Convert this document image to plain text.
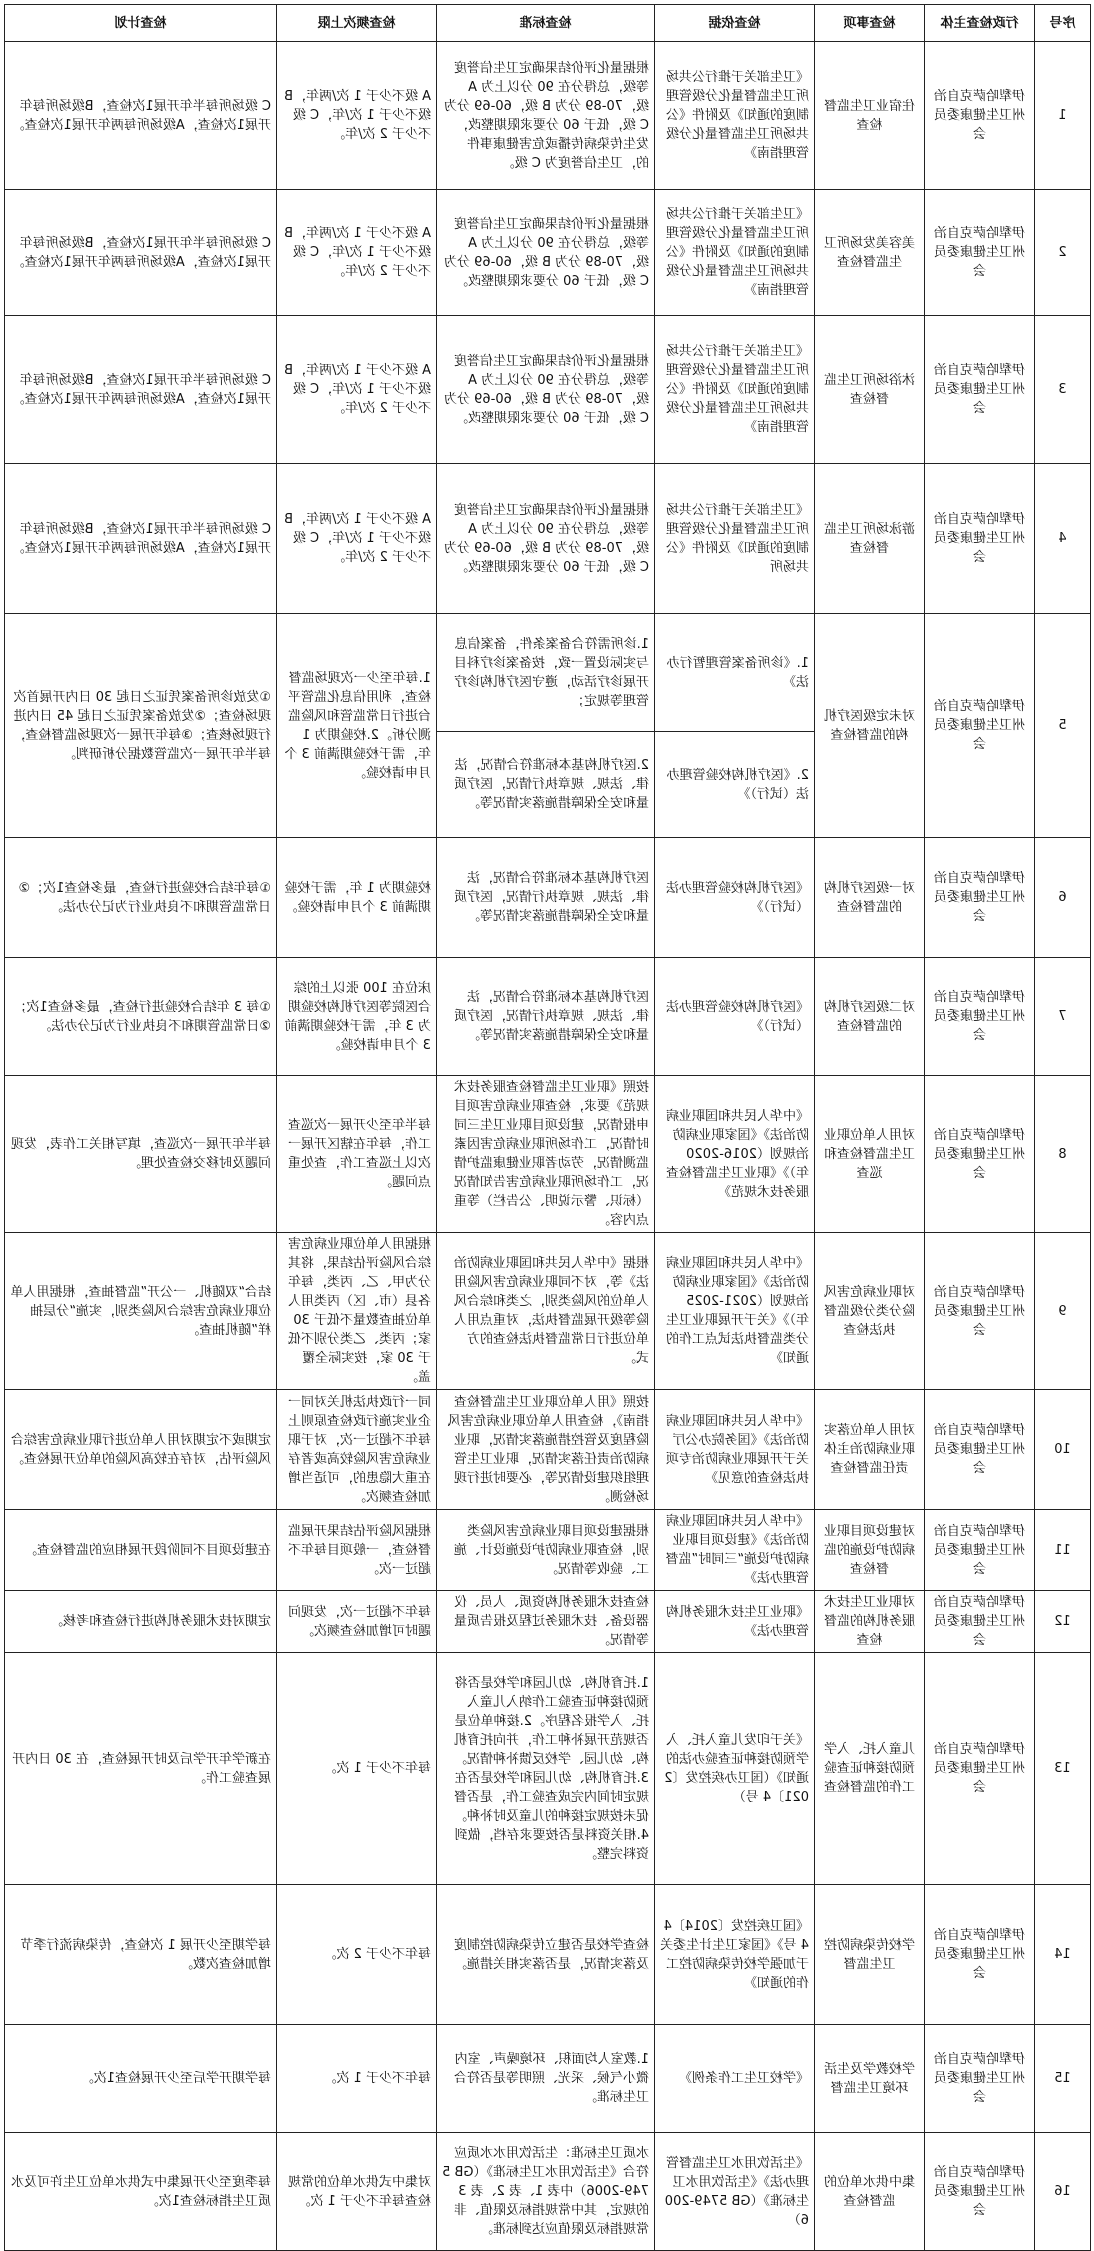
序号	行政检查主体	检查事项	检查依据	检查标准	检查频次上限	检查计划
1	伊犁哈萨克自治州卫生健康委员会	住宿业卫生监督检查	《卫生部关于推行公共场所卫生监督量化分级管理制度的通知》及附件《公共场所卫生监督量化分级管理指南》	根据量化评价结果确定卫生信誉度等级，总得分在 90 分以上为 A 级，70-89 分为 B 级，60-69 分为 C 级，低于 60 分要求限期整改，发生传染病传播或危害健康事件的，卫生信誉度为 C 级。	A 级不少于 1 次/两年，B 级不少于 1 次/年，C 级不少于 2 次/年。	C 级场所每半年开展1次检查，B级场所每年开展1次检查，A级场所每两年开展1次检查。
2	伊犁哈萨克自治州卫生健康委员会	美容美发场所卫生监督检查	《卫生部关于推行公共场所卫生监督量化分级管理制度的通知》及附件《公共场所卫生监督量化分级管理指南》	根据量化评价结果确定卫生信誉度等级，总得分在 90 分以上为 A 级，70-89 分为 B 级，60-69 分为 C 级，低于 60 分要求限期整改。	A 级不少于 1 次/两年，B 级不少于 1 次/年，C 级不少于 2 次/年。	C 级场所每半年开展1次检查，B级场所每年开展1次检查，A级场所每两年开展1次检查。
3	伊犁哈萨克自治州卫生健康委员会	沐浴场所卫生监督检查	《卫生部关于推行公共场所卫生监督量化分级管理制度的通知》及附件《公共场所卫生监督量化分级管理指南》	根据量化评价结果确定卫生信誉度等级，总得分在 90 分以上为 A 级，70-89 分为 B 级，60-69 分为 C 级，低于 60 分要求限期整改。	A 级不少于 1 次/两年，B 级不少于 1 次/年，C 级不少于 2 次/年。	C 级场所每半年开展1次检查，B级场所每年开展1次检查，A级场所每两年开展1次检查。
4	伊犁哈萨克自治州卫生健康委员会	游泳场所卫生监督检查	《卫生部关于推行公共场所卫生监督量化分级管理制度的通知》及附件《公共场所	根据量化评价结果确定卫生信誉度等级，总得分在 90 分以上为 A 级，70-89 分为 B 级，60-69 分为 C 级，低于 60 分要求限期整改。	A 级不少于 1 次/两年，B 级不少于 1 次/年，C 级不少于 2 次/年。	C 级场所每半年开展1次检查，B级场所每年开展1次检查，A级场所每两年开展1次检查。
5	伊犁哈萨克自治州卫生健康委员会	对未定级医疗机构的监督检查	1.《诊所备案管理暂行办法》	1.诊所需符合备案条件，备案信息与实际设置一致，按备案诊疗科目开展诊疗活动，遵守医疗机构诊疗管理等规定；	1.每年至少一次现场监督检查，利用信息化监管平台进行日常监管和风险监测分析。2.校验期为 1 年，需于校验期满前 3 个月申请校验。	①发放诊所备案凭证之日起 30 日内开展首次现场检查；②发放备案凭证之日起 45 日内进行现场核查；③每年开展一次现场监督检查，每半年开展一次监管数据分析研判。
			2.《医疗机构校验管理办法（试行）》	2.医疗机构基本标准符合情况，法律、法规、规章执行情况，医疗质量和安全保障措施落实情况等。		
6	伊犁哈萨克自治州卫生健康委员会	对一级医疗机构的监督检查	《医疗机构校验管理办法（试行）》	医疗机构基本标准符合情况，法律、法规、规章执行情况，医疗质量和安全保障措施落实情况等。	校验期为 1 年，需于校验期满前 3 个月申请校验。	①每年结合校验进行检查，最多检查1次；②日常监管期和不良执业行为记分办法。
7	伊犁哈萨克自治州卫生健康委员会	对二级医疗机构的监督检查	《医疗机构校验管理办法（试行）》	医疗机构基本标准符合情况，法律、法规、规章执行情况，医疗质量和安全保障措施落实情况等。	床位在 100 张以上的综合医院等医疗机构校验期为 3 年，需于校验期满前 3 个月申请校验。	①每 3 年结合校验进行检查，最多检查1次；②日常监管期和不良执业行为记分办法。
8	伊犁哈萨克自治州卫生健康委员会	对用人单位职业卫生监督检查和巡查	《中华人民共和国职业病防治法》《国家职业病防治规划（2016-2020 年）》《职业卫生监督检查服务技术规范》	按照《职业卫生监督检查服务技术规范》要求，检查职业病危害项目申报情况，建设项目职业卫生三同时情况，工作场所职业病危害因素监测情况，劳动者职业健康监护情况，工作场所职业病危害告知情况（标识、警示说明、公告栏）等重点内容。	每半年至少开展一次巡查工作，每年在辖区开展一次以上巡查工作，查处重点问题。	每半年开展一次巡查，填写相关工作表，发现问题及时移交检查处理。
9	伊犁哈萨克自治州卫生健康委员会	对职业病危害风险分类分级监督执法检查	《中华人民共和国职业病防治法》《国家职业病防治规划（2021-2025 年）》《关于开展职业卫生分类监督执法试点工作的通知》	根据《中华人民共和国职业病防治法》等，对不同职业病危害风险用人单位的风险类别，之类和综合风险等级开展监督执法，对重点用人单位进行日常监督执法检查的方式。	根据用人单位职业病危害综合风险评估结果，将其分为甲、乙、丙类，每年各县（市、区）丙类用人单位抽查数量不低于 30 家；丙类、乙类分别不低于 30 家，按实际全覆盖。	结合“双随机、一公开”监督抽查，根据用人单位职业病危害综合风险类别，实施“分层抽样”随机抽查。
10	伊犁哈萨克自治州卫生健康委员会	对用人单位落实职业病防治主体责任监督检查	《中华人民共和国职业病防治法》《国务院办公厅关于开展职业病防治专项执法检查的意见》	按照《用人单位职业卫生监督检查指南》，检查用人单位职业病危害风险程度及管控措施落实情况，职业病防治责任落实情况，职业卫生管理组织建设情况等，必要时进行现场检测。	同一行政执法机关对同一企业实施行政检查原则上每年不超过一次，对于职业病危害风险较高或者存在重大隐患的，可适当增加检查频次。	定期或不定期对用人单位进行职业病危害综合风险评估，对存在较高风险的单位开展检查。
11	伊犁哈萨克自治州卫生健康委员会	对建设项目职业病防护设施的监督检查	《中华人民共和国职业病防治法》《建设项目职业病防护设施“三同时”监督管理办法》	根据建设项目职业病危害风险类别，检查职业病防护设施设计、施工、验收等情况。	根据风险评估结果开展监督检查，一般项目每年不超过一次。	在建设项目不同阶段开展相应的监督检查。
12	伊犁哈萨克自治州卫生健康委员会	对职业卫生技术服务机构的监督检查	《职业卫生技术服务机构管理办法》	检查技术服务机构资质、人员、仪器设备、技术服务过程及报告质量等情况。	每年不超过一次，发现问题时可增加检查频次。	定期对技术服务机构进行检查和考核。
13	伊犁哈萨克自治州卫生健康委员会	儿童入托、入学预防接种证查验工作的监督检查	《关于印发儿童入托、入学预防接种证查验办法的通知》（国卫办疾控发〔2021〕4 号）	1.托育机构、幼儿园和学校是否将预防接种证查验工作纳入儿童入托、入学报名程序。2.接种单位是否规范开展补种工作，并向托育机构、幼儿园、学校反馈补种情况。3.托育机构、幼儿园和学校是否在规定时间内完成查验工作，是否督促未按规定接种的儿童及时补种。4.相关资料是否按要求存档，做到资料完整。	每年不少于 1 次。	在新学年开学后及时开展检查，在 30 日内开展查验工作。
14	伊犁哈萨克自治州卫生健康委员会	学校传染病防控卫生监督	《国卫疾控发〔2014〕44 号》《国家卫生计生委关于加强学校传染病防控工作的通知》	检查学校是否建立传染病防控制度及落实情况，是否落实相关措施。	每年不少于 2 次。	每学期至少开展 1 次检查，传染病流行季节增加检查次数。
15	伊犁哈萨克自治州卫生健康委员会	学校教学及生活环境卫生监督	《学校卫生工作条例》	1.教室人均面积、环境噪声、室内微小气候、采光、照明等是否符合卫生标准。	每年不少于 1 次。	每学期开学后至少开展检查1次。
16	伊犁哈萨克自治州卫生健康委员会	集中供水单位的监督检查	《生活饮用水卫生监督管理办法》《生活饮用水卫生标准》（GB 5749-2006）	水质卫生标准：生活饮用水水质应符合《生活饮用水卫生标准》（GB 5749-2006）中表 1、表 2、表 3 的规定，其中常规指标及限值、非常规指标及限值应达到标准。	对集中式供水单位的常规检查每年不少于 1 次。	每季度至少开展集中式供水单位卫生许可及水质卫生指标检查1次。
